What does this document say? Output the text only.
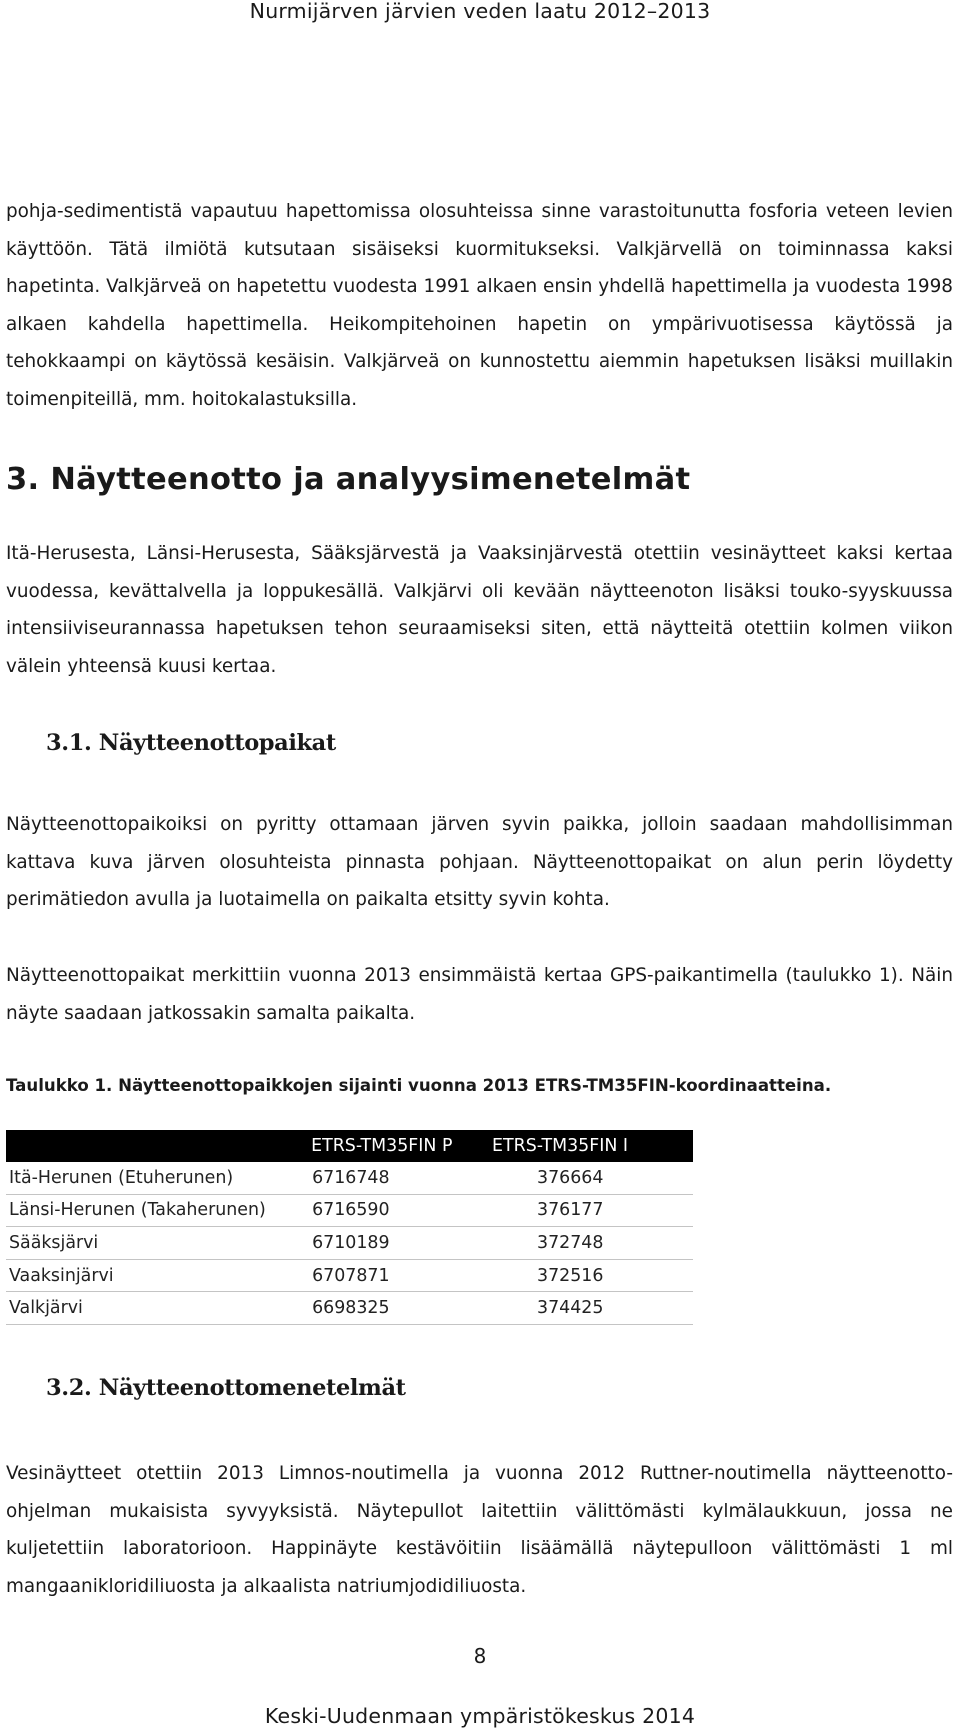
Nurmijärven järvien veden laatu 2012–2013

pohja-sedimentistä vapautuu hapettomissa olosuhteissa sinne varastoitunutta fosforia veteen levien käyttöön. Tätä ilmiötä kutsutaan sisäiseksi kuormitukseksi. Valkjärvellä on toiminnassa kaksi hapetinta. Valkjärveä on hapetettu vuodesta 1991 alkaen ensin yhdellä hapettimella ja vuodesta 1998 alkaen kahdella hapettimella. Heikompitehoinen hapetin on ympärivuotisessa käytössä ja tehokkaampi on käytössä kesäisin. Valkjärveä on kunnostettu aiemmin hapetuksen lisäksi muillakin toimenpiteillä, mm. hoitokalastuksilla.

3. Näytteenotto ja analyysimenetelmät

Itä-Herusesta, Länsi-Herusesta, Sääksjärvestä ja Vaaksinjärvestä otettiin vesinäytteet kaksi kertaa vuodessa, kevättalvella ja loppukesällä. Valkjärvi oli kevään näytteenoton lisäksi touko-syyskuussa intensiiviseurannassa hapetuksen tehon seuraamiseksi siten, että näytteitä otettiin kolmen viikon välein yhteensä kuusi kertaa.

3.1. Näytteenottopaikat

Näytteenottopaikoiksi on pyritty ottamaan järven syvin paikka, jolloin saadaan mahdollisimman kattava kuva järven olosuhteista pinnasta pohjaan. Näytteenottopaikat on alun perin löydetty perimätiedon avulla ja luotaimella on paikalta etsitty syvin kohta.

Näytteenottopaikat merkittiin vuonna 2013 ensimmäistä kertaa GPS-paikantimella (taulukko 1). Näin näyte saadaan jatkossakin samalta paikalta.

Taulukko 1. Näytteenottopaikkojen sijainti vuonna 2013 ETRS-TM35FIN-koordinaatteina.

	ETRS-TM35FIN P	ETRS-TM35FIN I
Itä-Herunen (Etuherunen)	6716748	376664
Länsi-Herunen (Takaherunen)	6716590	376177
Sääksjärvi	6710189	372748
Vaaksinjärvi	6707871	372516
Valkjärvi	6698325	374425
3.2. Näytteenottomenetelmät

Vesinäytteet otettiin 2013 Limnos-noutimella ja vuonna 2012 Ruttner-noutimella näytteenotto-ohjelman mukaisista syvyyksistä. Näytepullot laitettiin välittömästi kylmälaukkuun, jossa ne kuljetettiin laboratorioon. Happinäyte kestävöitiin lisäämällä näytepulloon välittömästi 1 ml mangaanikloridiliuosta ja alkaalista natriumjodidiliuosta.

8
Keski-Uudenmaan ympäristökeskus 2014
